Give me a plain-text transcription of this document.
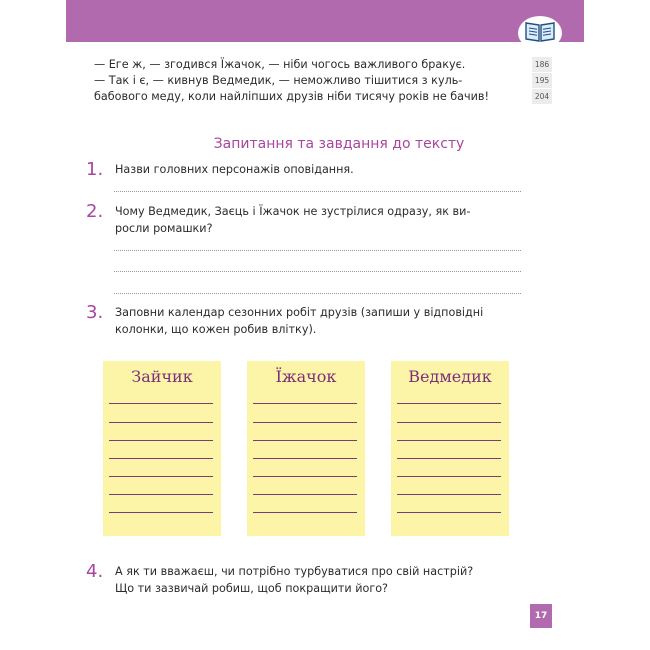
— Еге ж, — згодився Їжачок, — ніби чогось важливого бракує.	186
— Так і є, — кивнув Ведмедик, — неможливо тішитися з куль-	195
бабового меду, коли найліпших друзів ніби тисячу років не бачив!	204
Запитання та завдання до тексту
1. Назви головних персонажів оповідання.
2. Чому Ведмедик, Заєць і Їжачок не зустрілися одразу, як ви-
росли ромашки?
3. Заповни календар сезонних робіт друзів (запиши у відповідні
колонки, що кожен робив влітку).
Зайчик	Їжачок	Ведмедик
4. А як ти вважаєш, чи потрібно турбуватися про свій настрій?
Що ти зазвичай робиш, щоб покращити його?
17
